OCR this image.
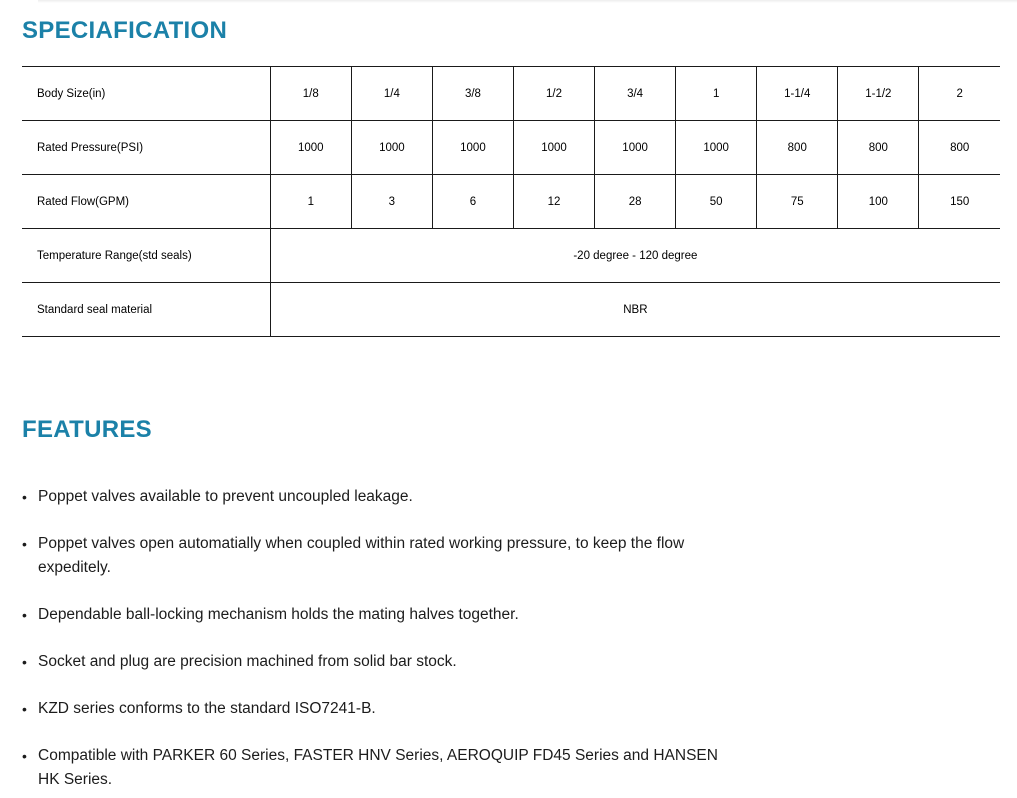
SPECIAFICATION
Body Size(in)	1/8	1/4	3/8	1/2	3/4	1	1-1/4	1-1/2	2
Rated Pressure(PSI)	1000	1000	1000	1000	1000	1000	800	800	800
Rated Flow(GPM)	1	3	6	12	28	50	75	100	150
Temperature Range(std seals)	-20 degree - 120 degree								
Standard seal material	NBR								
FEATURES
• Poppet valves available to prevent uncoupled leakage.
• Poppet valves open automatially when coupled within rated working pressure, to keep the flow expeditely.
• Dependable ball-locking mechanism holds the mating halves together.
• Socket and plug are precision machined from solid bar stock.
• KZD series conforms to the standard ISO7241-B.
• Compatible with PARKER 60 Series, FASTER HNV Series, AEROQUIP FD45 Series and HANSEN HK Series.
